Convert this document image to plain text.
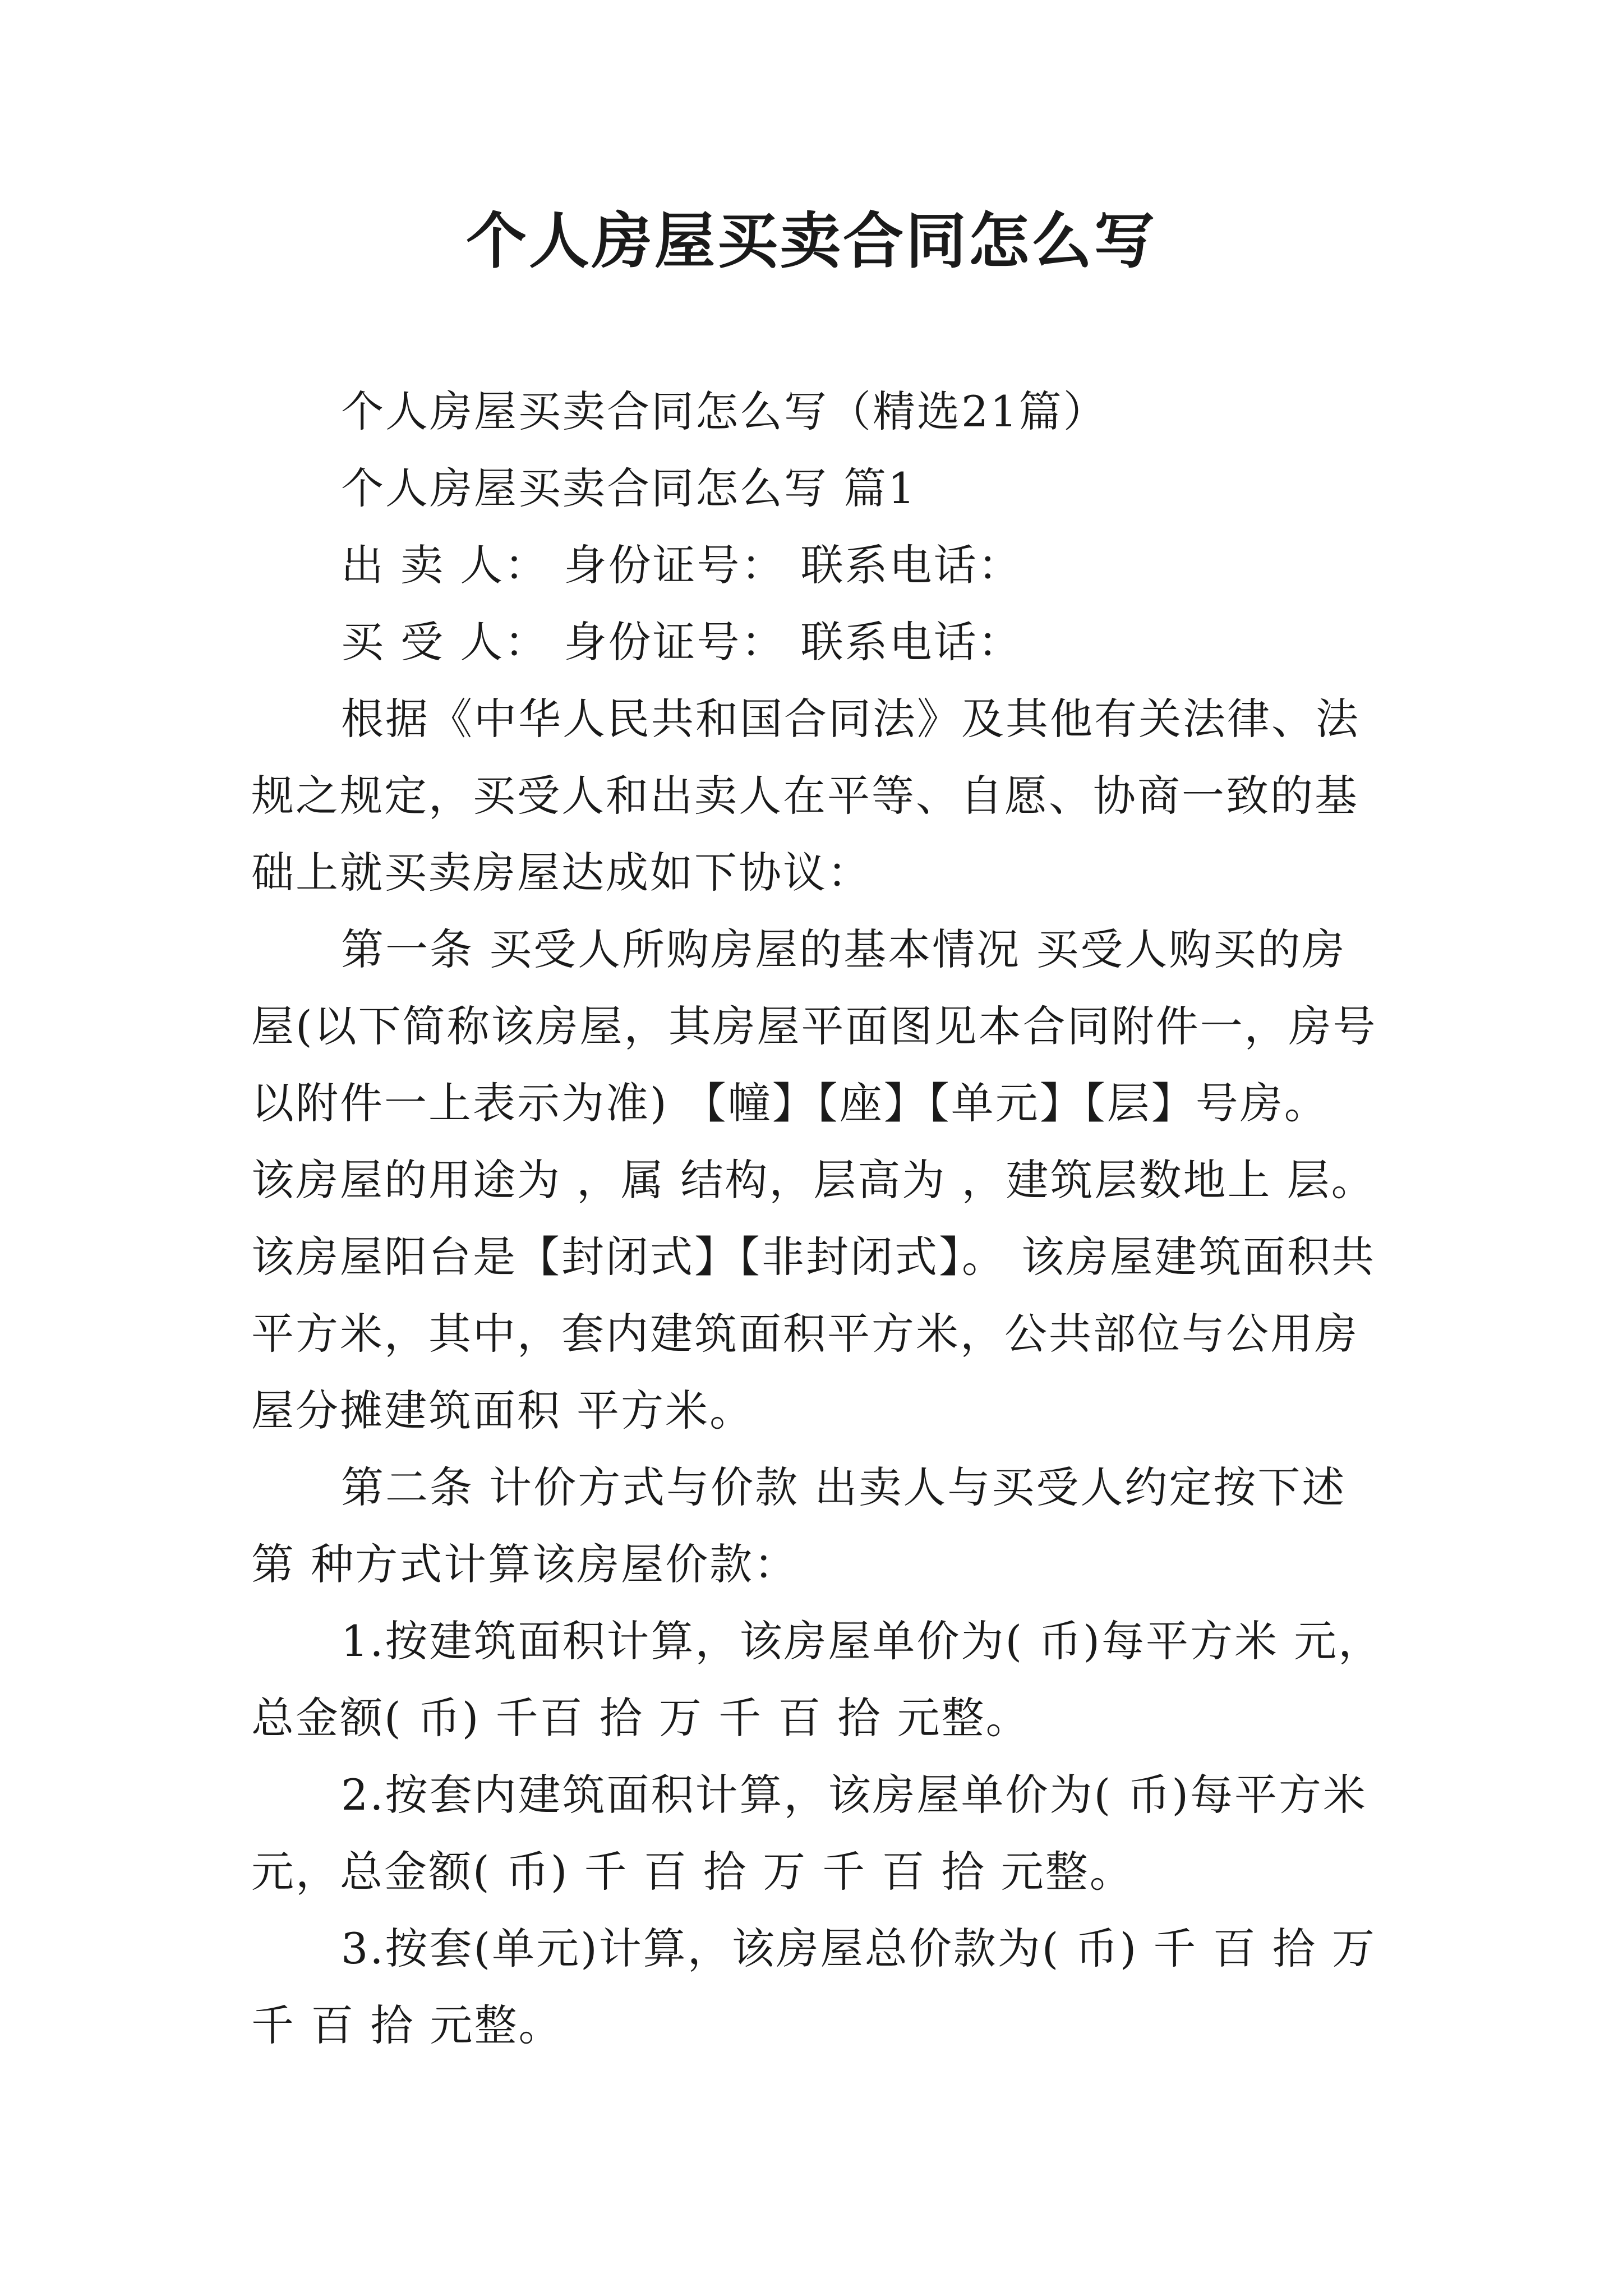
个人房屋买卖合同怎么写

个人房屋买卖合同怎么写（精选21篇）

个人房屋买卖合同怎么写 篇1

出 卖 人： 身份证号： 联系电话：

买 受 人： 身份证号： 联系电话：

根据《中华人民共和国合同法》及其他有关法律、法规之规定，买受人和出卖人在平等、自愿、协商一致的基础上就买卖房屋达成如下协议：

第一条 买受人所购房屋的基本情况 买受人购买的房屋(以下简称该房屋，其房屋平面图见本合同附件一，房号以附件一上表示为准) 【幢】【座】【单元】【层】号房。 该房屋的用途为 ，属 结构，层高为 ，建筑层数地上 层。该房屋阳台是【封闭式】【非封闭式】。 该房屋建筑面积共 平方米，其中，套内建筑面积平方米，公共部位与公用房屋分摊建筑面积 平方米。

第二条 计价方式与价款 出卖人与买受人约定按下述第 种方式计算该房屋价款：

1.按建筑面积计算，该房屋单价为( 币)每平方米 元，总金额( 币) 千百 拾 万 千 百 拾 元整。

2.按套内建筑面积计算，该房屋单价为( 币)每平方米 元，总金额( 币) 千 百 拾 万 千 百 拾 元整。

3.按套(单元)计算，该房屋总价款为( 币) 千 百 拾 万 千 百 拾 元整。
